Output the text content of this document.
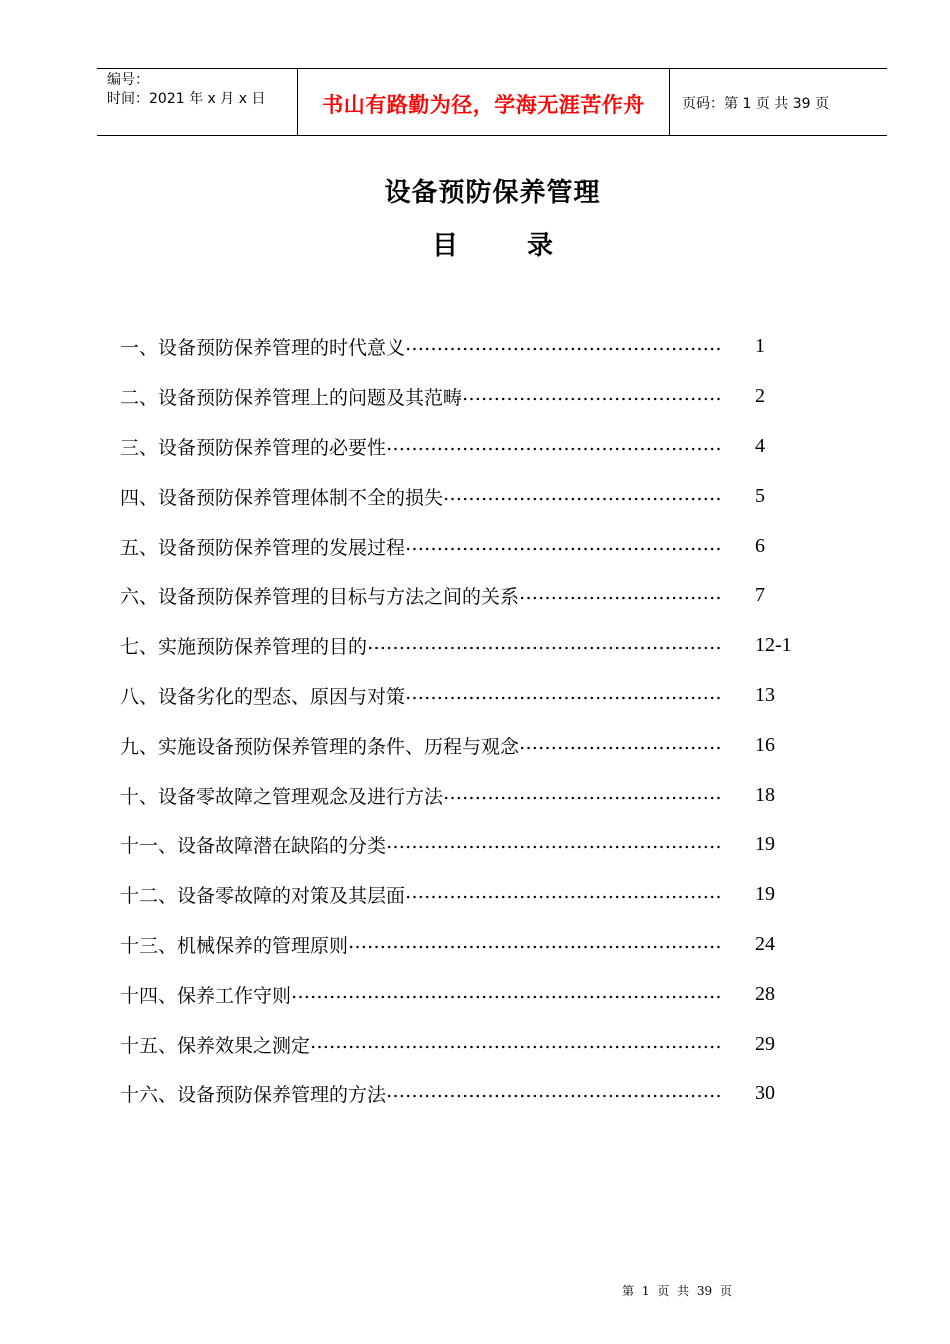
编号：
时间：2021 年 x 月 x 日	书山有路勤为径，学海无涯苦作舟	页码：第 1 页 共 39 页
设备预防保养管理
目	录
一、设备预防保养管理的时代意义 ……………………………………………………………………………………………	1
二、设备预防保养管理上的问题及其范畴 ……………………………………………………………………………………………	2
三、设备预防保养管理的必要性 ……………………………………………………………………………………………	4
四、设备预防保养管理体制不全的损失 ……………………………………………………………………………………………	5
五、设备预防保养管理的发展过程 ……………………………………………………………………………………………	6
六、设备预防保养管理的目标与方法之间的关系 ……………………………………………………………………………………………	7
七、实施预防保养管理的目的 ……………………………………………………………………………………………	12-1
八、设备劣化的型态、原因与对策 ……………………………………………………………………………………………	13
九、实施设备预防保养管理的条件、历程与观念 ……………………………………………………………………………………………	16
十、设备零故障之管理观念及进行方法 ……………………………………………………………………………………………	18
十一、设备故障潜在缺陷的分类 ……………………………………………………………………………………………	19
十二、设备零故障的对策及其层面 ……………………………………………………………………………………………	19
十三、机械保养的管理原则 ……………………………………………………………………………………………	24
十四、保养工作守则 ……………………………………………………………………………………………	28
十五、保养效果之测定 ……………………………………………………………………………………………	29
十六、设备预防保养管理的方法 ……………………………………………………………………………………………	30
第 1 页 共 39 页
